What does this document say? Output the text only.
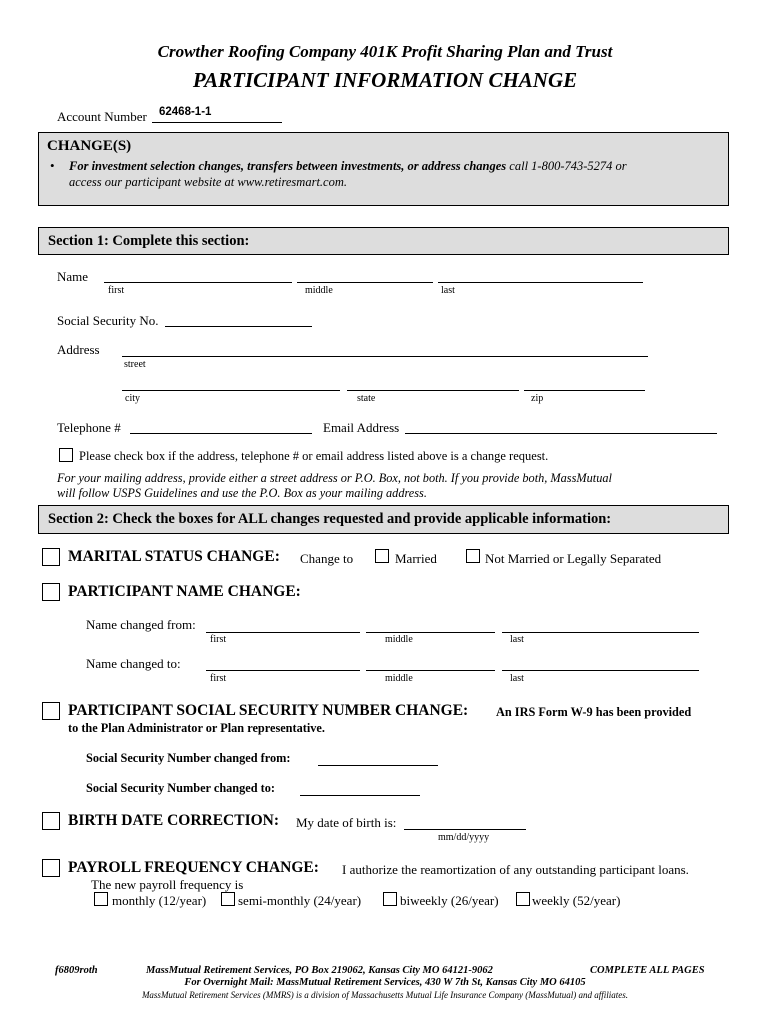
Crowther Roofing Company 401K Profit Sharing Plan and Trust
PARTICIPANT INFORMATION CHANGE
Account Number 62468-1-1
CHANGE(S)
• For investment selection changes, transfers between investments, or address changes call 1-800-743-5274 or
access our participant website at www.retiresmart.com.
Section 1: Complete this section:
Name
first	middle	last
Social Security No.
Address
street
city	state	zip
Telephone #	Email Address
Please check box if the address, telephone # or email address listed above is a change request.
For your mailing address, provide either a street address or P.O. Box, not both. If you provide both, MassMutual
will follow USPS Guidelines and use the P.O. Box as your mailing address.
Section 2: Check the boxes for ALL changes requested and provide applicable information:
MARITAL STATUS CHANGE: Change to	Married	Not Married or Legally Separated
PARTICIPANT NAME CHANGE:
Name changed from:
first	middle	last
Name changed to:
first	middle	last
PARTICIPANT SOCIAL SECURITY NUMBER CHANGE: An IRS Form W-9 has been provided
to the Plan Administrator or Plan representative.
Social Security Number changed from:
Social Security Number changed to:
BIRTH DATE CORRECTION: My date of birth is:
mm/dd/yyyy
PAYROLL FREQUENCY CHANGE: I authorize the reamortization of any outstanding participant loans.
The new payroll frequency is
monthly (12/year) semi-monthly (24/year)	biweekly (26/year)	weekly (52/year)
f6809roth	MassMutual Retirement Services, PO Box 219062, Kansas City MO 64121-9062	COMPLETE ALL PAGES
For Overnight Mail: MassMutual Retirement Services, 430 W 7th St, Kansas City MO 64105
MassMutual Retirement Services (MMRS) is a division of Massachusetts Mutual Life Insurance Company (MassMutual) and affiliates.
